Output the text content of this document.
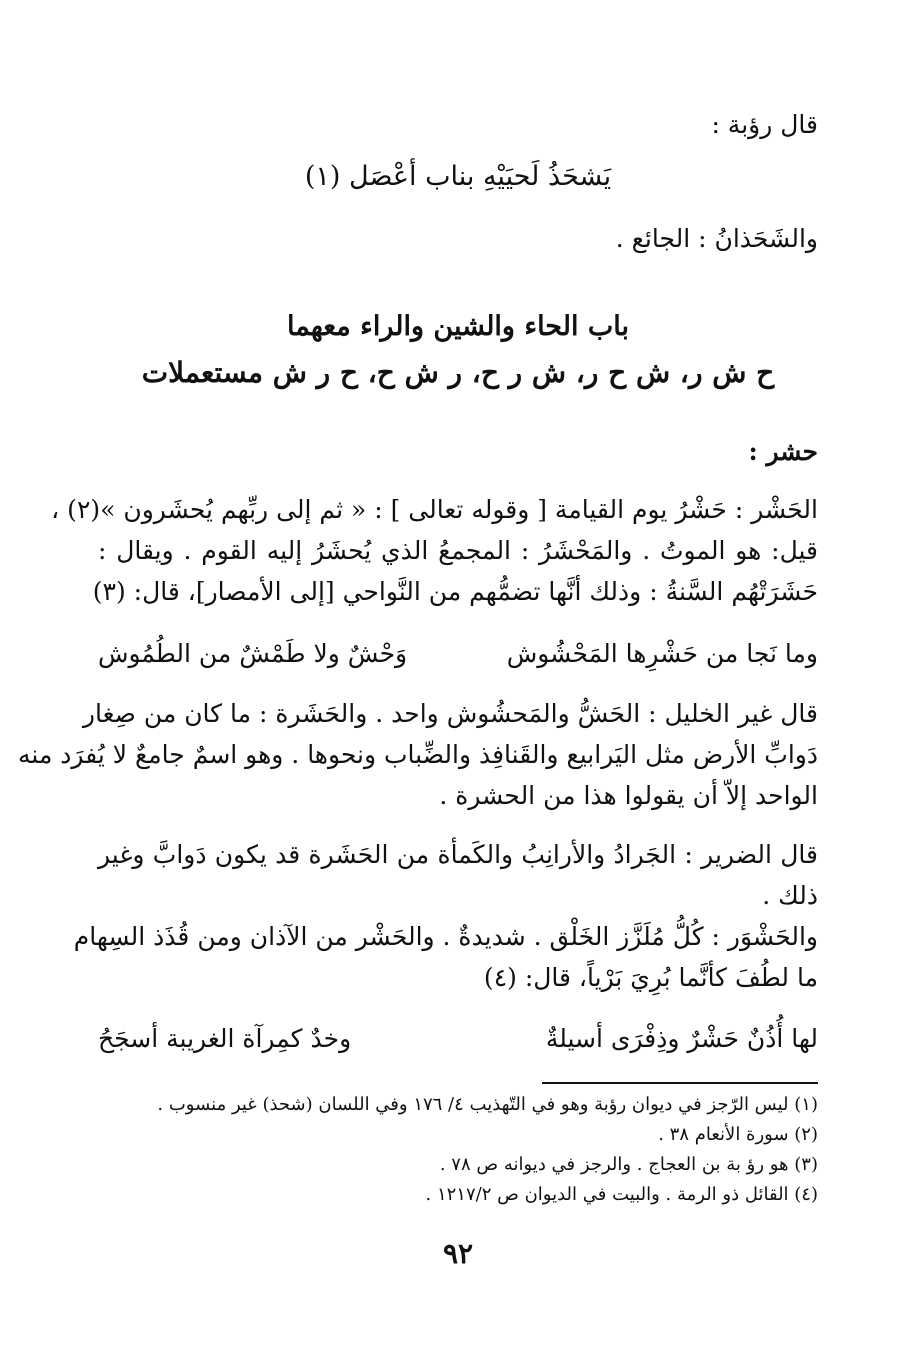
قال رؤبة :
يَشحَذُ لَحيَيْهِ بناب أعْصَل (١)
والشَحَذانُ : الجائع .
باب الحاء والشين والراء معهما
ح ش ر، ش ح ر، ش ر ح، ر ش ح، ح ر ش مستعملات
حشر :
الحَشْر : حَشْرُ يوم القيامة [ وقوله تعالى ] : « ثم إلى ربِّهم يُحشَرون »(٢) ،
قيل: هو الموتُ . والمَحْشَرُ : المجمعُ الذي يُحشَرُ إليه القوم . ويقال :
حَشَرَتْهُم السَّنةُ : وذلك أنَّها تضمُّهم من النَّواحي [إلى الأمصار]، قال: (٣)
وما نَجا من حَشْرِها المَحْشُوش
وَحْشٌ ولا طَمْشٌ من الطُمُوش
قال غير الخليل : الحَشُّ والمَحشُوش واحد . والحَشَرة : ما كان من صِغار
دَوابِّ الأرض مثل اليَرابيع والقَنافِذ والضِّباب ونحوها . وهو اسمٌ جامعٌ لا يُفرَد منه
الواحد إلاّ أن يقولوا هذا من الحشرة .
قال الضرير : الجَرادُ والأرانِبُ والكَمأة من الحَشَرة قد يكون دَوابَّ وغير
ذلك .
والحَشْوَر : كُلُّ مُلَزَّز الخَلْق . شديدةٌ . والحَشْر من الآذان ومن قُذَذ السِهام
ما لطُفَ كأنَّما بُرِيَ بَرْياً، قال: (٤)
لها أُذُنٌ حَشْرٌ وذِفْرَى أسيلةٌ
وخدٌ كمِرآة الغريبة أسجَحُ
(١) ليس الرّجز في ديوان رؤبة وهو في التّهذيب ٤/ ١٧٦ وفي اللسان (شحذ) غير منسوب .
(٢) سورة الأنعام ٣٨ .
(٣) هو رؤ بة بن العجاج . والرجز في ديوانه ص ٧٨ .
(٤) القائل ذو الرمة . والبيت في الديوان ص ١٢١٧/٢ .
٩٢
